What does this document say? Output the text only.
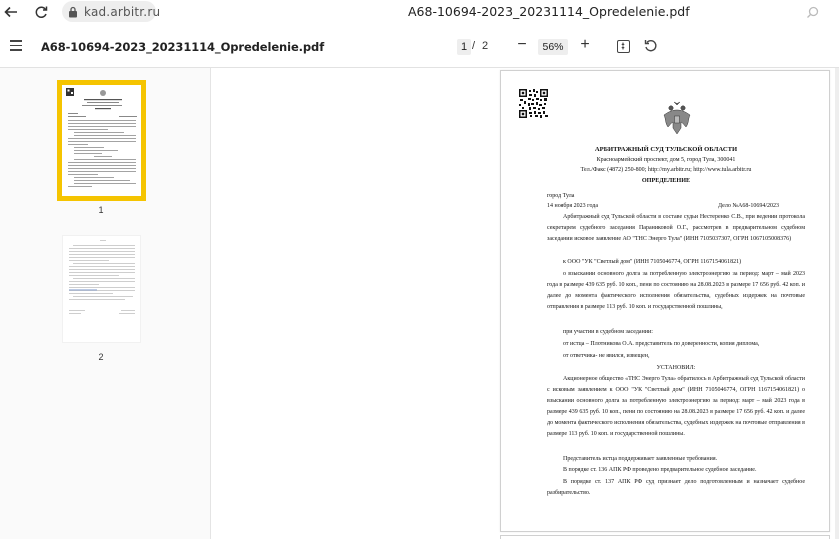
kad.arbitr.ru	A68-10694-2023_20231114_Opredelenie.pdf
A68-10694-2023_20231114_Opredelenie.pdf	1 / 2 −	56% +
1
2
АРБИТРАЖНЫЙ СУД ТУЛЬСКОЙ ОБЛАСТИ
Красноармейский проспект, дом 5, город Тула, 300041
Тел./Факс (4872) 250-800; http://my.arbitr.ru; http://www.tula.arbitr.ru
ОПРЕДЕЛЕНИЕ
город Тула
14 ноября 2023 года	Дело №А68-10694/2023
Арбитражный суд Тульской области в составе судьи Нестеренко С.В., при ведении протокола секретарем судебного заседания Параниковой О.Г., рассмотрев в предварительном судебном заседании исковое заявление АО "ТНС Энерго Тула" (ИНН 7105037307, ОГРН 1067105008376)
к ООО "УК "Светлый дом" (ИНН 7105046774, ОГРН 1167154061821)
о взыскании основного долга за потребленную электроэнергию за период: март – май 2023 года в размере 439 635 руб. 10 коп., пени по состоянию на 28.08.2023 в размере 17 656 руб. 42 коп. и далее до момента фактического исполнения обязательства, судебных издержек на почтовые отправления в размере 113 руб. 10 коп. и государственной пошлины,
при участии в судебном заседании:
от истца – Плотникова О.А. представитель по доверенности, копия диплома,
от ответчика- не явился, извещен,
УСТАНОВИЛ:
Акционерное общество «ТНС Энерго Тула» обратилось в Арбитражный суд Тульской области с исковым заявлением к ООО "УК "Светлый дом" (ИНН 7105046774, ОГРН 1167154061821) о взыскании основного долга за потребленную электроэнергию за период: март – май 2023 года в размере 439 635 руб. 10 коп., пени по состоянию на 28.08.2023 в размере 17 656 руб. 42 коп. и далее до момента фактического исполнения обязательства, судебных издержек на почтовые отправления в размере 113 руб. 10 коп. и государственной пошлины.
Представитель истца поддерживает заявленные требования.
В порядке ст. 136 АПК РФ проведено предварительное судебное заседание.
В порядке ст. 137 АПК РФ суд признает дело подготовленным и назначает судебное разбирательство.
